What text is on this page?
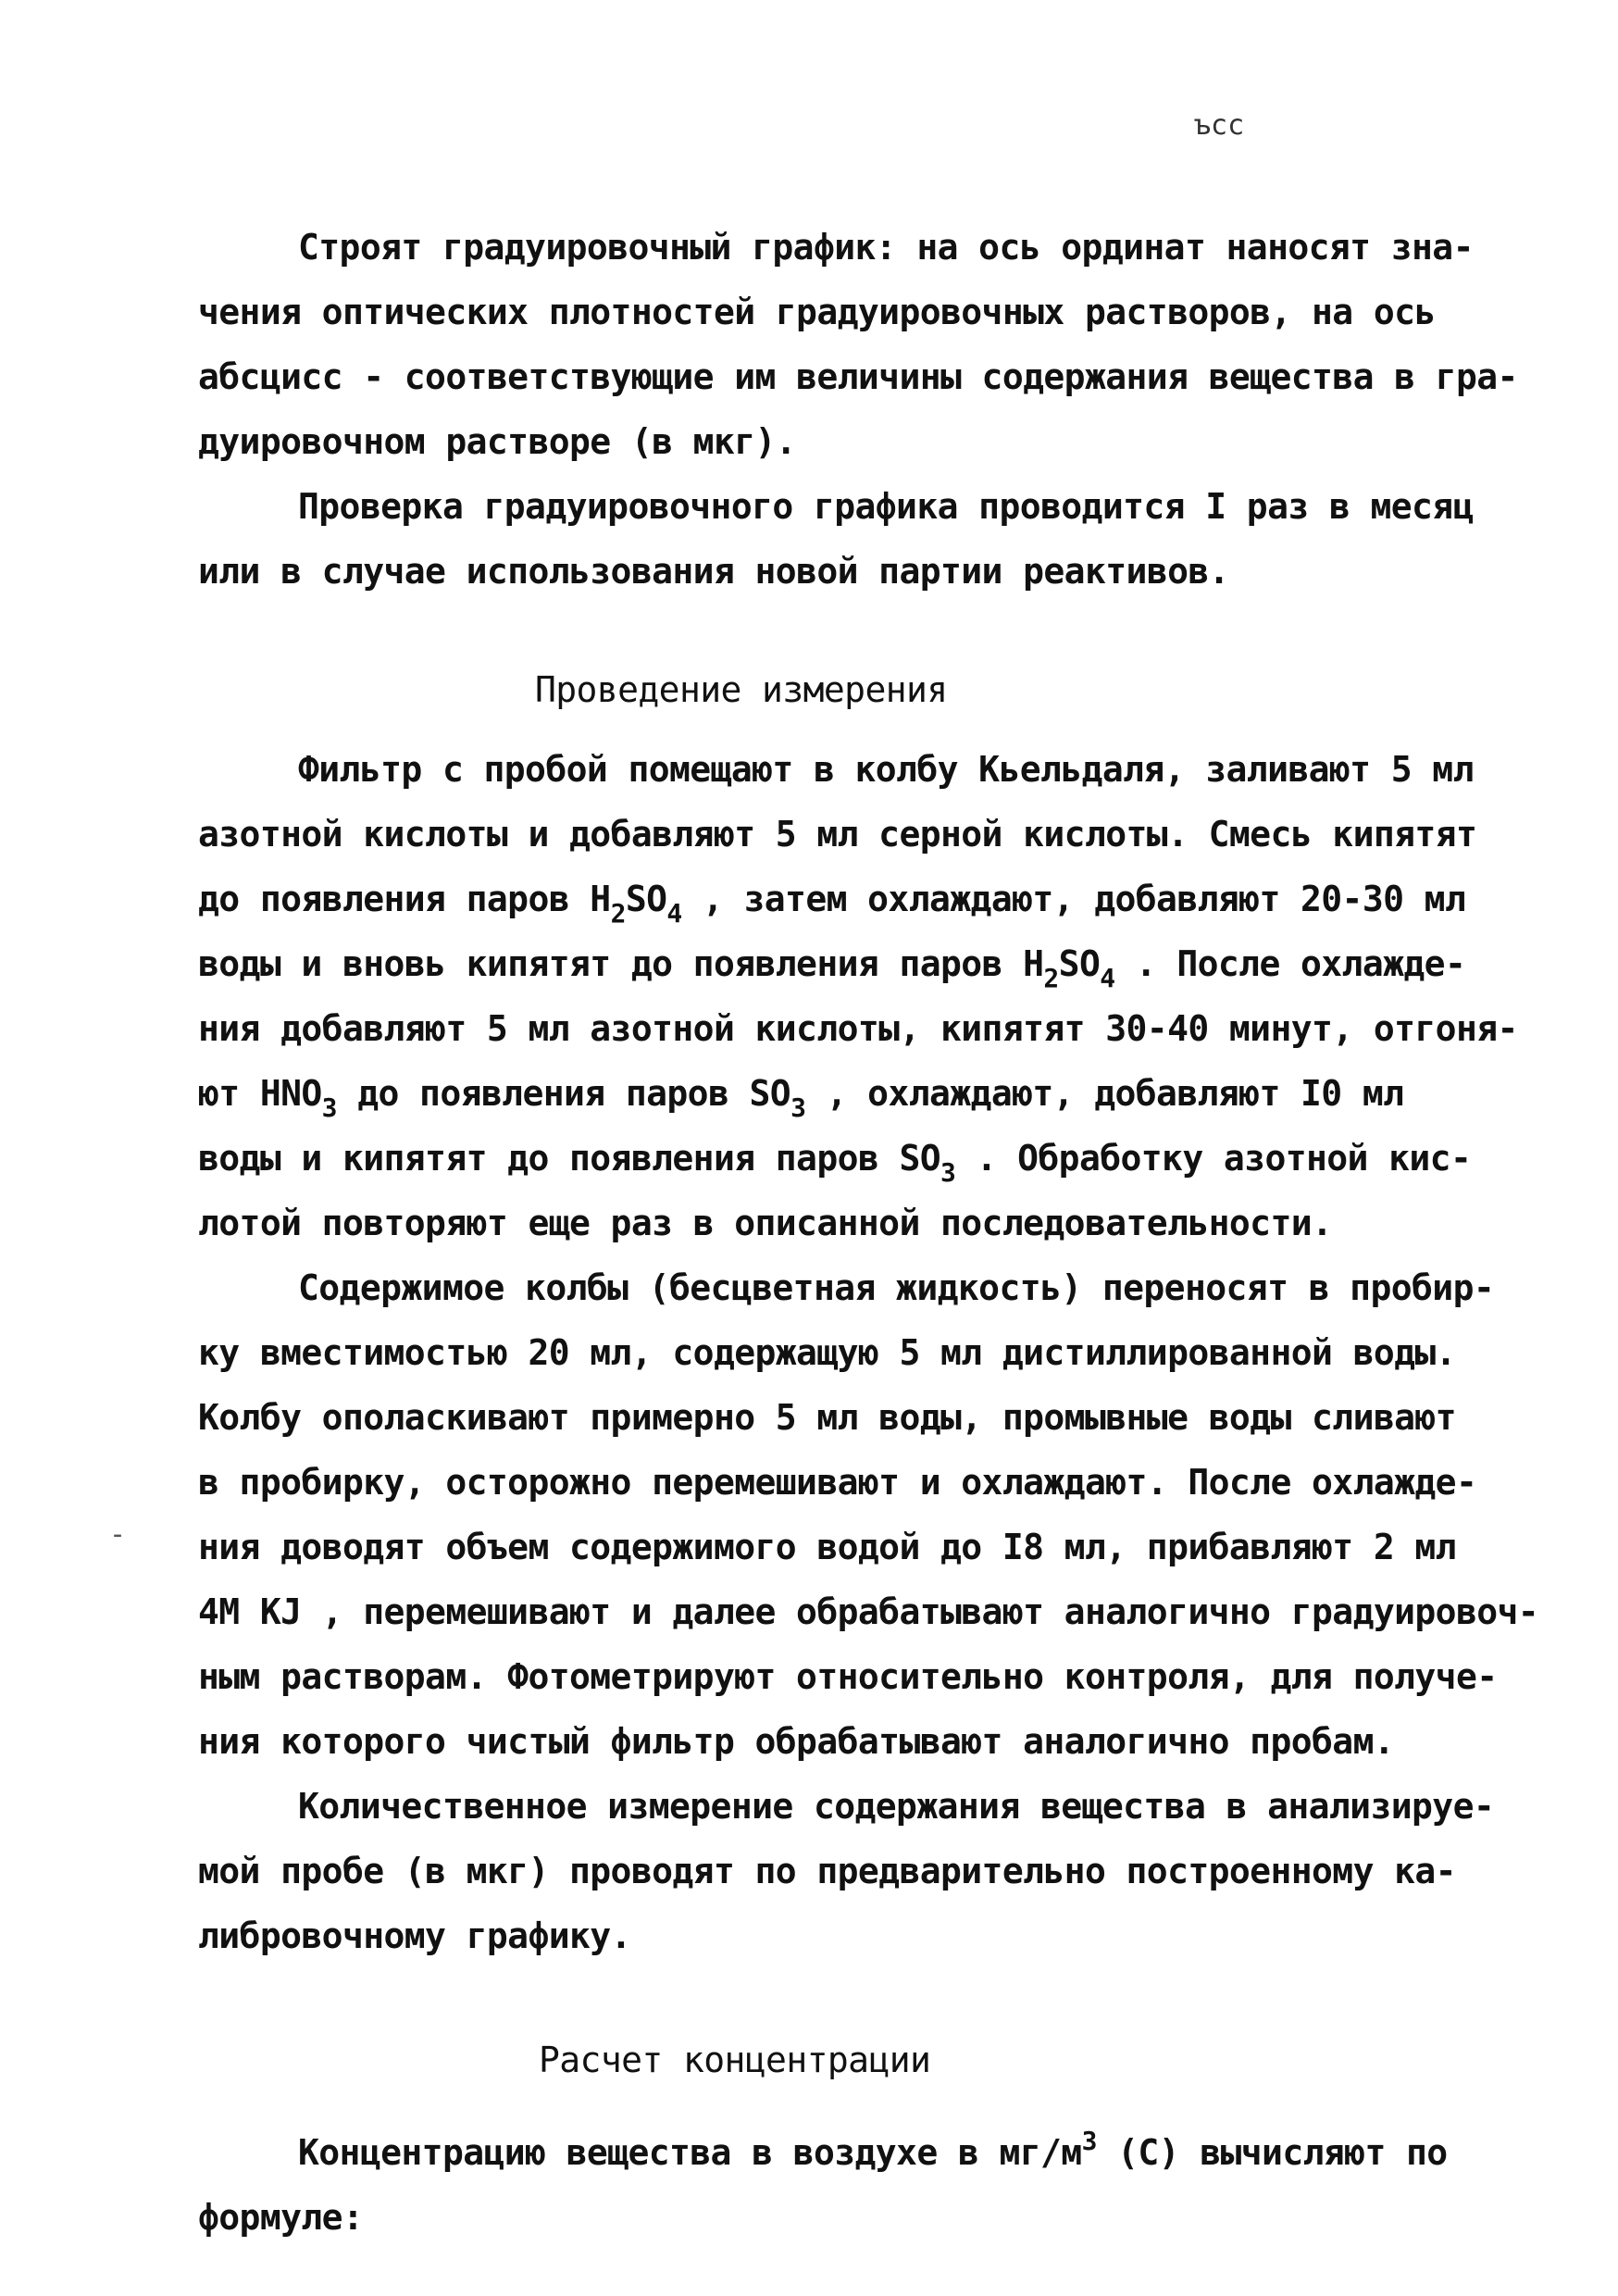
ъсс
-
Строят градуировочный график: на ось ординат наносят зна-
чения оптических плотностей градуировочных растворов, на ось
абсцисс - соответствующие им величины содержания вещества в гра-
дуировочном растворе (в мкг).
Проверка градуировочного графика проводится I раз в месяц
или в случае использования новой партии реактивов.
Проведение измерения
Фильтр с пробой помещают в колбу Кьельдаля, заливают 5 мл
азотной кислоты и добавляют 5 мл серной кислоты. Смесь кипятят
до появления паров $H_2SO_4$ , затем охлаждают, добавляют 20-30 мл
воды и вновь кипятят до появления паров $H_2SO_4$ . После охлажде-
ния добавляют 5 мл азотной кислоты, кипятят 30-40 минут, отгоня-
ют $HNO_3$ до появления паров $SO_3$ , охлаждают, добавляют I0 мл
воды и кипятят до появления паров $SO_3$ . Обработку азотной кис-
лотой повторяют еще раз в описанной последовательности.
Содержимое колбы (бесцветная жидкость) переносят в пробир-
ку вместимостью 20 мл, содержащую 5 мл дистиллированной воды.
Колбу ополаскивают примерно 5 мл воды, промывные воды сливают
в пробирку, осторожно перемешивают и охлаждают. После охлажде-
ния доводят объем содержимого водой до I8 мл, прибавляют 2 мл
4М KJ , перемешивают и далее обрабатывают аналогично градуировоч-
ным растворам. Фотометрируют относительно контроля, для получе-
ния которого чистый фильтр обрабатывают аналогично пробам.
Количественное измерение содержания вещества в анализируе-
мой пробе (в мкг) проводят по предварительно построенному ка-
либровочному графику.
Расчет концентрации
Концентрацию вещества в воздухе в $мг/м^3$ (С) вычисляют по
формуле:
